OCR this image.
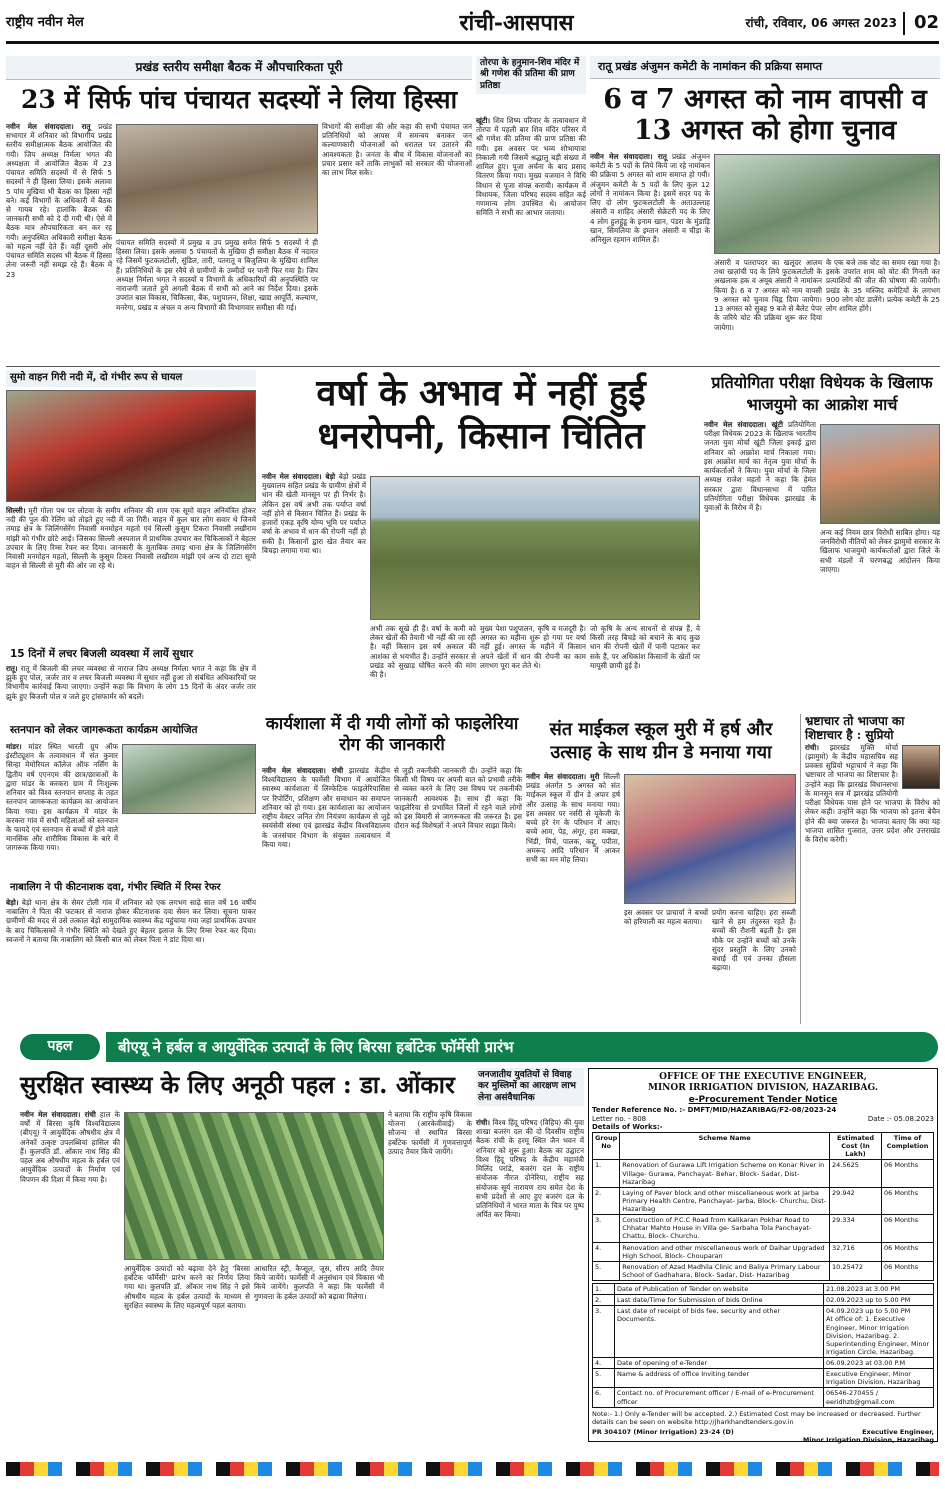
राष्ट्रीय नवीन मेल	रांची-आसपास	रांची, रविवार, 06 अगस्त 2023 02
प्रखंड स्तरीय समीक्षा बैठक में औपचारिकता पूरी
23 में सिर्फ पांच पंचायत सदस्यों ने लिया हिस्सा
नवीन मेल संवाददाता। रातू प्रखंड सभागार में शनिवार को विभागीय प्रखंड स्तरीय समीक्षात्मक बैठक आयोजित की गयी। जिप अध्यक्ष निर्मला भगत की अध्यक्षता में आयोजित बैठक में 23 पंचायत समिति सदस्यों में से सिर्फ 5 सदस्यों ने ही हिस्सा लिया। इसके अलावा 5 पांच मुखिया भी बैठक का हिस्सा नहीं बने। कई विभागों के अधिकारी में बैठक से गायब रहे। हालांकि बैठक की जानकारी सभी को दे दी गयी थी। ऐसे में बैठक मात्र औपचारिकता बन कर रह गयी। अनुपस्थित अधिकारी समीक्षा बैठक को महत्व नहीं देते हैं। वहीं दूसरी ओर पंचायत समिति सदस्य भी बैठक में हिस्सा लेना जरूरी नहीं समझ रहे हैं। बैठक में 23
पंचायत समिति सदस्यों में प्रमुख व उप प्रमुख समेत सिर्फ 5 सदस्यों ने ही हिस्सा लिया। इसके अलावा 5 पंचायतों के मुखिया ही समीक्षा बैठक में नदारत रहे जिसमें फुटकलटोली, सुंडिल, तारी, पतरातू व बिजुलिया के मुखिया शामिल हैं। प्रतिनिधियों के इस रवैये से ग्रामीणों के उम्मीदों पर पानी फिर गया है। जिप अध्यक्ष निर्मला भगत ने सदस्यों व विभागों के अधिकारियों की अनुपस्थिति पर नाराजगी जताते हुये अगली बैठक में सभी को आने का निर्देश दिया। इसके उपरांत बाल विकास, चिकित्सा, बैंक, पशुपालन, शिक्षा, खाद्य आपूर्ति, कल्याण, मनरेगा, प्रखंड व अंचल व अन्य विभागों की विभागवार समीक्षा की गई।
विभागों की समीक्षा की और कहा की सभी पंचायत जन प्रतिनिधियों को आपस में समन्वय बनाकर जन कल्याणकारी योजनाओं को धरातल पर उतारने की आवश्यकता है। जनता के बीच में विकास योजनाओं का प्रचार प्रसार करें ताकि लाभुकों को सरकार की योजनाओं का लाभ मिल सके।
तोरपा के हनुमान-शिव मंदिर में श्री गणेश की प्रतिमा की प्राण प्रतिष्ठा
खूंटी। शिव शिष्य परिवार के तत्वावधान में तोरपा में पहली बार शिव मंदिर परिसर में श्री गणेश की प्रतिमा की प्राण प्रतिष्ठा की गयी। इस अवसर पर भव्य शोभायात्रा निकाली गयी जिसमें श्रद्धालु बड़ी संख्या में शामिल हुए। पूजा अर्चना के बाद प्रसाद वितरण किया गया। मुख्य यजमान ने विधि विधान से पूजा संपन्न करायी। कार्यक्रम में विधायक, जिला परिषद सदस्य सहित कई गणमान्य लोग उपस्थित थे। आयोजन समिति ने सभी का आभार जताया।
रातू प्रखंड अंजुमन कमेटी के नामांकन की प्रक्रिया समाप्त
6 व 7 अगस्त को नाम वापसी व 13 अगस्त को होगा चुनाव
नवीन मेल संवाददाता। रातू प्रखंड अंजुमन कमेटी के 5 पदों के लिये किये जा रहे नामांकन की प्रक्रिया 5 अगस्त को शाम समाप्त हो गयी। अंजुमन कमेटी के 5 पदों के लिए कुल 12 लोगों ने नामांकन किया है। इसमें सदर पद के लिए दो लोग फुटकलटोली के अताउल्लाह अंसारी व शाहिद अंसारी सेक्रेटरी पद के लिए 4 लोग हुलहुंडू के इनाम खान, पंडरा के मुंडाड़ि खान, सिमलिया के इम्तान अंसारी व चीड़ा के अनिसुल रहमान शामिल हैं।
अंसारी व पतरापदर का खलूदर आलम तथा खज़ांची पद के लिये फुटकलटोली के अखलाक हक व अयूब अंसारी ने नामांकन किया है। 6 व 7 अगस्त को नाम वापसी 9 अगस्त को चुनाव चिह्न दिया जायेगा। 13 अगस्त को सुबह 9 बजे से बैलेट पेपर के जरिये चोट की प्रक्रिया शुरू कर दिया जायेगा।
के एक बजे तक वोट का समय रखा गया है। इसके उपरांत शाम को वोट की गिनती कर प्रत्याशियों की जीत की घोषणा की जायेगी। प्रखंड के 35 मस्जिद कमेटियों के लगभग 900 लोग वोट डालेंगे। प्रत्येक कमेटी के 25 लोग शामिल होंगे।
सुमो वाहन गिरी नदी में, दो गंभीर रूप से घायल
सिल्ली। मुरी गोला पथ पर लोटवा के समीप शनिवार की शाम एक सूमो वाहन अनियंत्रित होकर नदी की पुल की रेलिंग को तोड़ते हुए नदी में जा गिरी। वाहन में कुल चार लोग सवार थे जिनमें तमाड़ क्षेत्र के जिलिंगसेरेंग निवासी मनमोहन महतो एवं सिल्ली कुसुम टिकरा निवासी लखीराम मांझी को गंभीर छोटे आई। जिसका सिल्ली अस्पताल में प्राथमिक उपचार कर चिकित्सकों ने बेहतर उपचार के लिए रिम्स रेफर कर दिया। जानकारी के मुताबिक तमाड़ थाना क्षेत्र के जिलिंगसेरेंग निवासी मनमोहन महतो, सिल्ली के कुसुम टिकरा निवासी लखीराम मांझी एवं अन्य दो टाटा सूमो वाहन से सिल्ली से मुरी की ओर जा रहे थे।
15 दिनों में लचर बिजली व्यवस्था में लायें सुधार
रातू। रातू में बिजली की लचर व्यवस्था से नाराज जिप अध्यक्ष निर्मला भगत ने कहा कि क्षेत्र में झुके हुए पोल, जर्जर तार व लचर बिजली व्यवस्था में सुधार नहीं हुआ तो संबंधित अधिकारियों पर विभागीय कार्रवाई किया जाएगा। उन्होंने कहा कि विभाग के लोग 15 दिनों के अंदर जर्जर तार झुके हुए बिजली पोल व जले हुए ट्रांसफार्मर को बदलें।
स्तनपान को लेकर जागरूकता कार्यक्रम आयोजित
मांडर। मांडर स्थित भारती ग्रुप ऑफ इंस्टीट्यूशन के तत्वावधान में संत कुमार सिन्हा मेमोरियल कॉलेज ऑफ नर्सिंग के द्वितीय वर्ष एएनएम की छात्र/छात्राओं के द्वारा मांडर के करकरा ग्राम में निःशुल्क शनिवार को विश्व स्तनपान सप्ताह के तहत स्तनपान जागरूकता कार्यक्रम का आयोजन किया गया। इस कार्यक्रम में मांडर के करकरा गांव में सभी महिलाओं को स्तनपान के फायदे एवं स्तनपान से बच्चों में होने वाले मानसिक और शारीरिक विकास के बारे में जागरूक किया गया।
नाबालिग ने पी कीटनाशक दवा, गंभीर स्थिति में रिम्स रेफर
बेड़ो। बेड़ो थाना क्षेत्र के सेमर टोली गांव में शनिवार को एक लगभग साढ़े सात वर्षे 16 वर्षीय नाबालिग ने पिता की फटकार से नाराज होकर कीटनाशक दवा सेवन कर लिया। सूचना पाकर ग्रामीणों की मदद से उसे तत्काल बेड़ो सामुदायिक स्वास्थ्य केंद्र पहुंचाया गया जहां प्राथमिक उपचार के बाद चिकित्सकों ने गंभीर स्थिति को देखते हुए बेहतर इलाज के लिए रिम्स रेफर कर दिया। स्वजनों ने बताया कि नाबालिग को किसी बात को लेकर पिता ने डांट दिया था।
वर्षा के अभाव में नहीं हुई धनरोपनी, किसान चिंतित
नवीन मेल संवाददाता। बेड़ो बेड़ो प्रखंड मुख्यालय सहित प्रखंड के ग्रामीण क्षेत्रों में धान की खेती मानसून पर ही निर्भर है। लेकिन इस वर्ष अभी तक पर्याप्त वर्षा नहीं होने से किसान चिंतित हैं। प्रखंड के हजारों एकड़ कृषि योग्य भूमि पर पर्याप्त वर्षा के अभाव में धान की रोपनी नहीं हो सकी है। किसानों द्वारा खेत तैयार कर बिचड़ा लगाया गया था।
अभी तक सूखे ही हैं। वर्षा के कमी को लेकर खेतों की तैयारी भी नहीं की जा रही है। वहीं किसान इस वर्ष अकाल की आशंका से भयभीत हैं। उन्होंने सरकार से प्रखंड को सुखाड़ घोषित करने की मांग की है।
मुख्य पेशा पशुपालन, कृषि व मजदूरी है। अगस्त का महीना शुरू हो गया पर वर्षा नहीं हुई। अगस्त के महीने में किसान अपने खेतों में धान की रोपनी का काम लगभग पूरा कर लेते थे।
जो कृषि के अन्य साधनों से संपन्न हैं, वे किसी तरह बिचड़े को बचाने के बाद कुछ धान की रोपनी खेतों में पानी पटाकर कर सके हैं, पर अधिकांश किसानों के खेतों पर मायूसी छायी हुई है।
प्रतियोगिता परीक्षा विधेयक के खिलाफ भाजयुमो का आक्रोश मार्च
नवीन मेल संवाददाता। खूंटी प्रतियोगिता परीक्षा विधेयक 2023 के खिलाफ भारतीय जनता युवा मोर्चा खूंटी जिला इकाई द्वारा शनिवार को आक्रोश मार्च निकाला गया। इस आक्रोश मार्च का नेतृत्व युवा मोर्चा के कार्यकर्ताओं ने किया। युवा मोर्चा के जिला अध्यक्ष राजेश महतो ने कहा कि हेमंत सरकार द्वारा विधानसभा में पारित प्रतियोगिता परीक्षा विधेयक झारखंड के युवाओं के विरोध में है।
अन्य कई नियम छात्र विरोधी साबित होगा। यह जनविरोधी नीतियों को लेकर झामुमो सरकार के खिलाफ भाजयुमो कार्यकर्ताओं द्वारा जिले के सभी मंडलों में चरणबद्ध आंदोलन किया जाएगा।
कार्यशाला में दी गयी लोगों को फाइलेरिया रोग की जानकारी
नवीन मेल संवाददाता। रांची झारखंड केंद्रीय विश्वविद्यालय के फार्मेसी विभाग में आयोजित स्वास्थ्य कार्यशाला में लिम्फेटिक फाइलेरियासिस पर रिपोर्टिंग, प्रशिक्षण और समाधान का समापन शनिवार को हो गया। इस कार्यशाला का आयोजन राष्ट्रीय वेक्टर जनित रोग नियंत्रण कार्यक्रम से जुड़े स्वयंसेवी संस्था एवं झारखंड केंद्रीय विश्वविद्यालय के जनसंचार विभाग के संयुक्त तत्वावधान में किया गया।
से जुड़ी तकनीकी जानकारी दी। उन्होंने कहा कि किसी भी विषय पर अपनी बात को प्रभावी तरीके से व्यक्त करने के लिए उस विषय पर तकनीकी जानकारी आवश्यक है। साथ ही कहा कि फाइलेरिया से प्रभावित जिलों में रहने वाले लोगों को इस बिमारी से जागरूकता की जरूरत है। इस दौरान कई विशेषज्ञों ने अपने विचार साझा किये।
संत माईकल स्कूल मुरी में हर्ष और उत्साह के साथ ग्रीन डे मनाया गया
नवीन मेल संवाददाता। मुरी सिल्ली प्रखंड अंतर्गत 5 अगस्त को संत माईकल स्कूल में ग्रीन डे अपार हर्ष और उत्साह के साथ मनाया गया। इस अवसर पर नर्सरी से यूकेजी के बच्चे हरे रंग के परिधान में आए। बच्चे आम, पेड़, अंगूर, हरा मक्खा, भिंडी, मिर्च, पालक, कद्दू, पपीता, अमरूद आदि परिधान में आकर सभी का मन मोह लिया।
इस अवसर पर प्राचार्या ने बच्चों को हरियाली का महत्व बताया।
प्रयोग करना चाहिए। हरा सब्जी खाने से हम तंदुरुस्त रहते हैं। बच्चों की रौशनी बढ़ती है। इस मौके पर उन्होंने बच्चों को उनके सुंदर प्रस्तुति के लिए उनको बधाई दी एवं उनका हौसला बढ़ाया।
भ्रष्टाचार तो भाजपा का शिष्टाचार है : सुप्रियो
रांची। झारखंड मुक्ति मोर्चा (झामुमो) के केंद्रीय महासचिव सह प्रवक्ता सुप्रियो भट्टाचार्य ने कहा कि भ्रष्टाचार तो भाजपा का शिष्टाचार है। उन्होंने कहा कि झारखंड विधानसभा के मानसून सत्र में झारखंड प्रतियोगी परीक्षा विधेयक पास होने पर भाजपा के विरोध को लेकर कही। उन्होंने कहा कि भाजपा को इतना बेचैन होने की क्या जरूरत है। भाजपा बताए कि क्या यह भाजपा शासित गुजरात, उत्तर प्रदेश और उत्तराखंड के विरोध करेगी।
पहल	बीएयू ने हर्बल व आयुर्वेदिक उत्पादों के लिए बिरसा हर्बोटेक फॉर्मेसी प्रारंभ
सुरक्षित स्वास्थ्य के लिए अनूठी पहल : डा. ओंकार
नवीन मेल संवाददाता। रांची हाल के वर्षों में बिरसा कृषि विश्वविद्यालय (बीएयू) ने आयुर्वेदिक औषधीय क्षेत्र में अनेकों उत्कृष्ट उपलब्धियां हासिल की हैं। कुलपति डॉ. ओंकार नाथ सिंह की पहल अब औषधीय महत्व के हर्बल एवं आयुर्वेदिक उत्पादों के निर्माण एवं विपणन की दिशा में किया गया है।
आयुर्वेदिक उत्पादों को बढ़ावा देने हेतु 'बिरसा हर्बोटेक फॉर्मेसी' प्रारंभ करने का निर्णय लिया गया था। कुलपति डॉ. ओंकार नाथ सिंह ने इसे औषधीय महत्व के हर्बल उत्पादों के माध्यम से सुरक्षित स्वास्थ्य के लिए महत्वपूर्ण पहल बताया।
आधारित स्ट्री, कैप्सूल, जूस, सीरप आदि तैयार किये जायेंगे। फार्मेसी में अनुसंधान एवं विकास भी किये जायेंगे। कुलपति ने कहा कि फार्मेसी में गुणवत्ता के हर्बल उत्पादों को बढ़ावा मिलेगा।
ने बताया कि राष्ट्रीय कृषि विकास योजना (आरकेवीवाई) के सौजन्य से स्थापित बिरसा हर्बोटेक फार्मेसी में गुणवत्तापूर्ण उत्पाद तैयार किये जायेंगे।
जनजातीय युवतियों से विवाह कर मुस्लिमों का आरक्षण लाभ लेना असंवैधानिक
रांची। विश्व हिंदू परिषद (विहिप) की युवा शाखा बजरंग दल की दो दिवसीय राष्ट्रीय बैठक रांची के हरमू स्थित जैन भवन में शनिवार को शुरू हुआ। बैठक का उद्घाटन विश्व हिंदू परिषद के केंद्रीय महामंत्री मिलिंद परांडे, बजरंग दल के राष्ट्रीय संयोजक नीरज दोनेरिया, राष्ट्रीय सह संयोजक सूर्य नारायण राय समेत देश के सभी प्रदेशों से आए हुए बजरंग दल के प्रतिनिधियों ने भारत माता के चित्र पर पुष्प अर्पित कर किया।
OFFICE OF THE EXECUTIVE ENGINEER,
MINOR IRRIGATION DIVISION, HAZARIBAG.
e-Procurement Tender Notice
Tender Reference No. :- DMFT/MID/HAZARIBAG/F2-08/2023-24
Letter no. - 808	Date :- 05.08.2023
Details of Works:-
Group No	Scheme Name	Estimated Cost (In Lakh)	Time of Completion
1.	Renovation of Gurawa Lift Irrigation Scheme on Konar River in Village- Gurawa, Panchayat- Behar, Block- Sadar, Dist- Hazaribag	24.5625	06 Months
2.	Laying of Paver block and other miscellaneous work at Jarba Primary Health Centre, Panchayat- Jarba, Block- Churchu, Dist- Hazaribag	29.942	06 Months
3.	Construction of P.C.C Road from Kalikaran Pokhar Road to Chhatar Mahto House in Villa ge- Sarbaha Tola Panchayat- Chattu, Block- Churchu.	29.334	06 Months
4.	Renovation and other miscellaneous work of Daihar Upgraded High School, Block- Chouparan	32.716	06 Months
5.	Renovation of Azad Madhila Clinic and Baliya Primary Labour School of Gadhahara, Block- Sadar, Dist- Hazaribag	10.25472	06 Months
1.	Date of Publication of Tender on website	21.08.2023 at 3.00 PM
2.	Last date/Time for Submission of bids Online	02.09.2023 up to 5.00 PM
3.	Last date of receipt of bids fee, security and other Documents.	04.09.2023 up to 5.00 PM
At office of: 1. Executive Engineer, Minor Irrigation Division, Hazaribag. 2. Superintending Engineer, Minor Irrigation Circle, Hazaribag.
4.	Date of opening of e-Tender	06.09.2023 at 03.00 P.M
5.	Name & address of office Inviting tender	Executive Engineer, Minor Irrigation Division, Hazaribag
6.	Contact no. of Procurement officer / E-mail of e-Procurement officer	06546-270455 / eeridhzb@gmail.com
Note:- 1.) Only e-Tender will be accepted. 2.) Estimated Cost may be increased or decreased. Further details can be seen on website http://jharkhandtenders.gov.in
PR 304107 (Minor Irrigation) 23-24 (D)	Executive Engineer,
Minor Irrigation Division, Hazaribag
